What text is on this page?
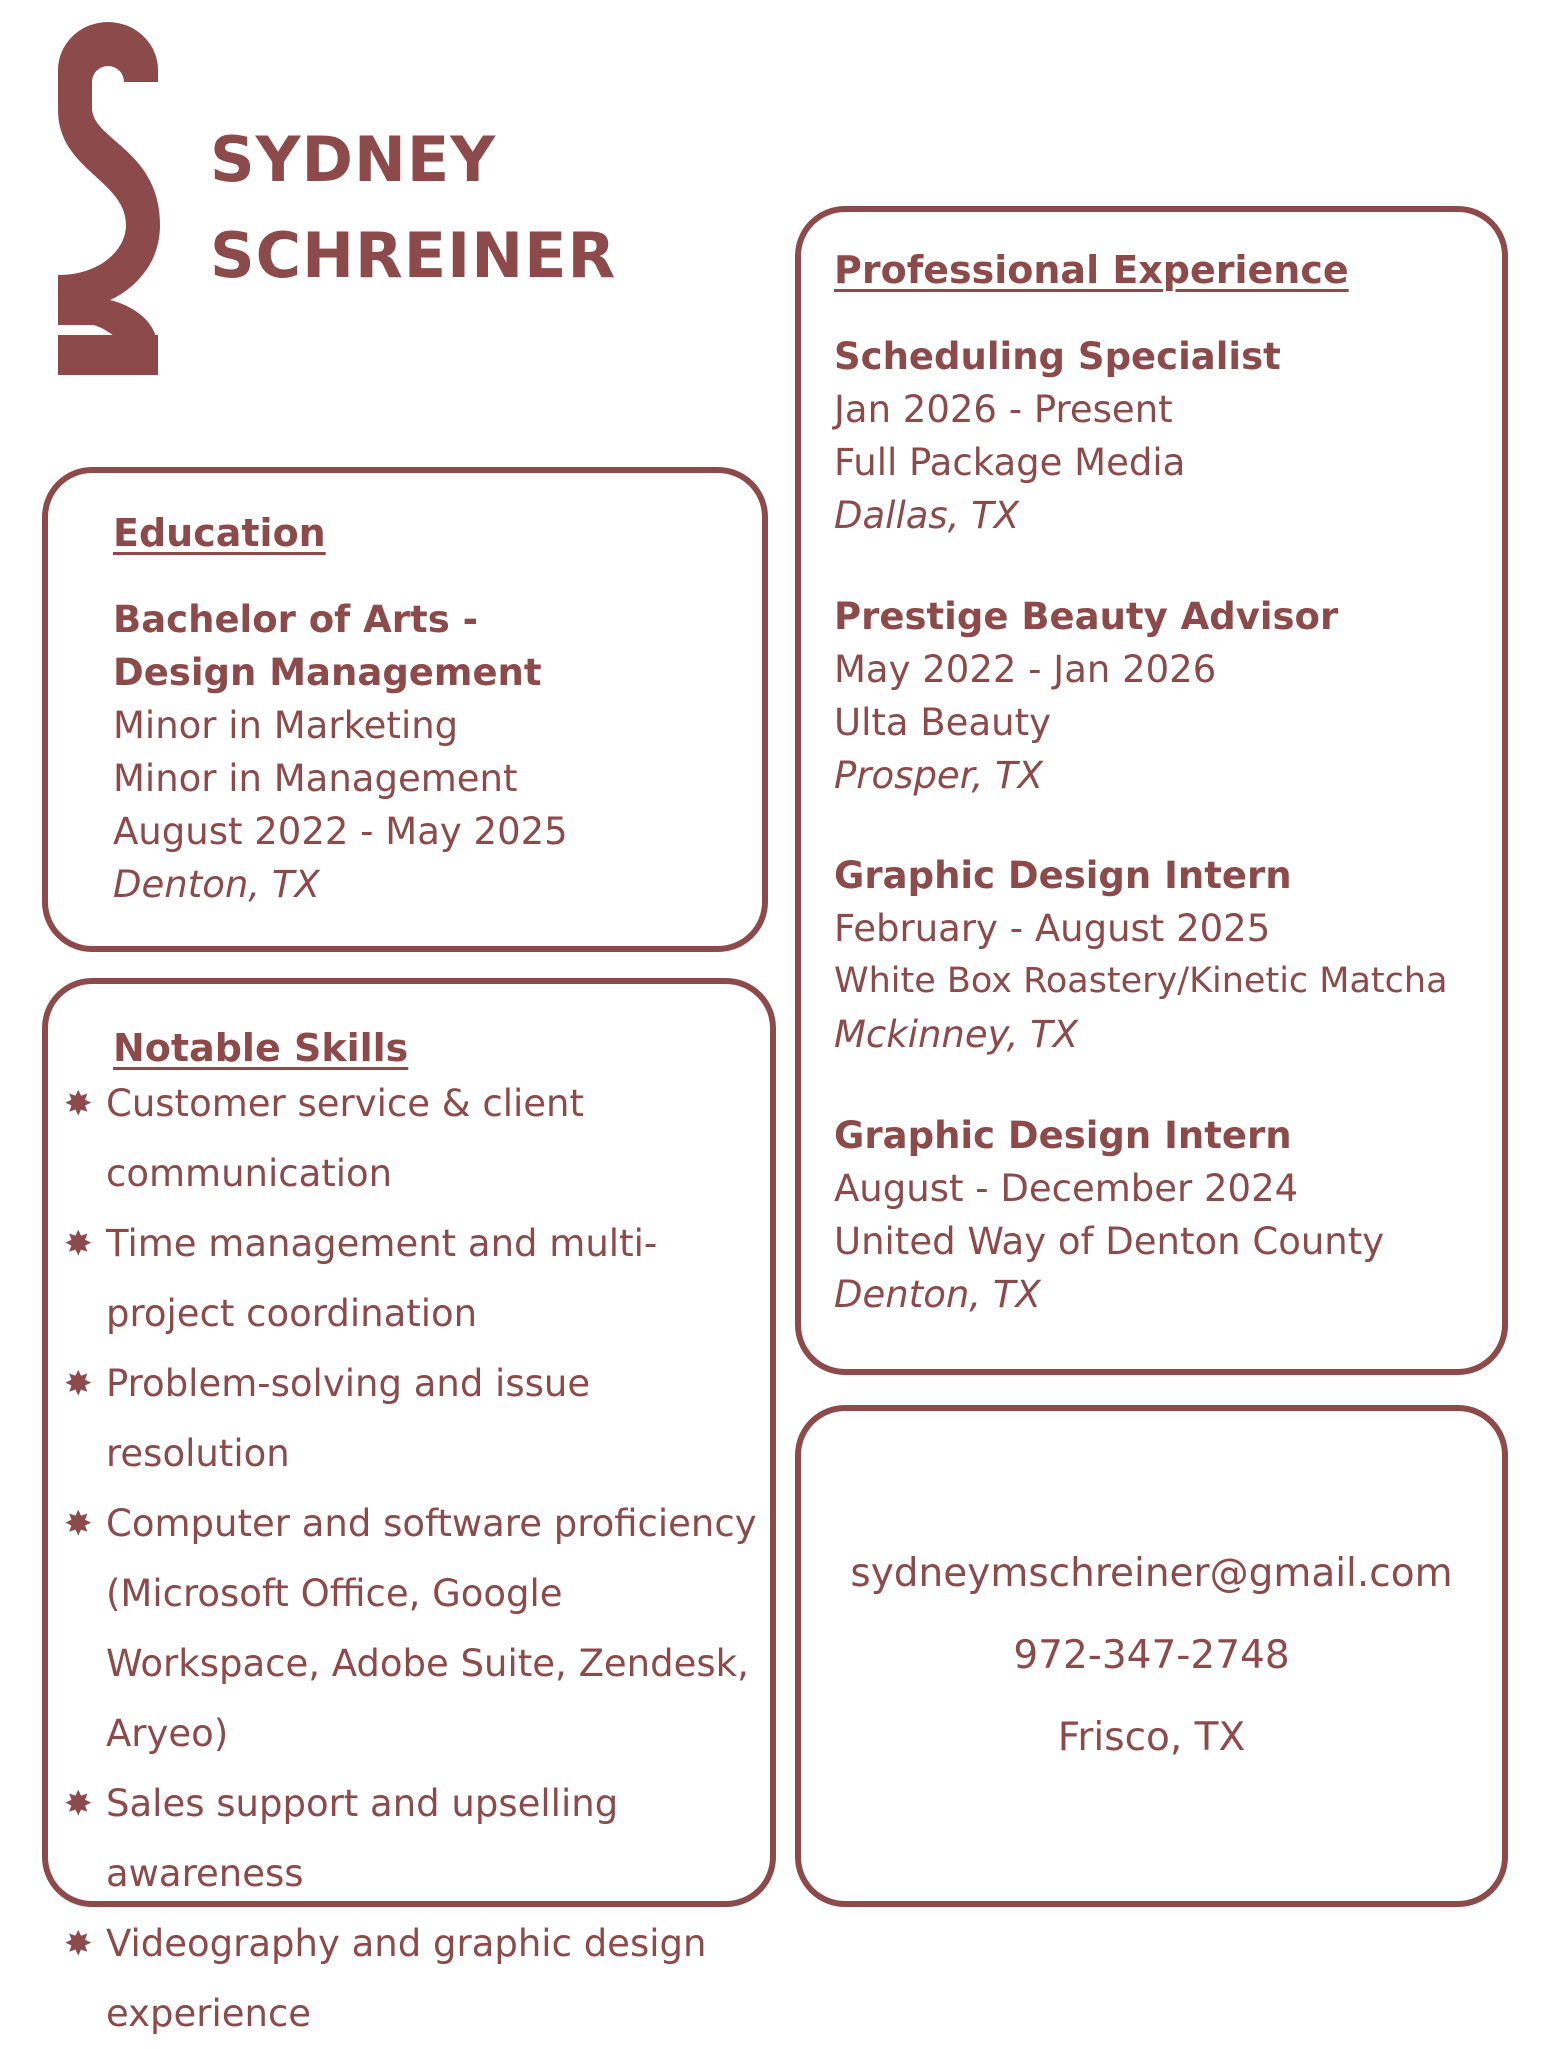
SYDNEY
SCHREINER
Education
Bachelor of Arts -
Design Management
Minor in Marketing
Minor in Management
August 2022 - May 2025
Denton, TX
Notable Skills
✸ Customer service & client communication
✸ Time management and multi-project coordination
✸ Problem-solving and issue resolution
✸ Computer and software proficiency (Microsoft Office, Google Workspace, Adobe Suite, Zendesk, Aryeo)
✸ Sales support and upselling awareness
✸ Videography and graphic design experience
Professional Experience
Scheduling Specialist
Jan 2026 - Present
Full Package Media
Dallas, TX
Prestige Beauty Advisor
May 2022 - Jan 2026
Ulta Beauty
Prosper, TX
Graphic Design Intern
February - August 2025
White Box Roastery/Kinetic Matcha
Mckinney, TX
Graphic Design Intern
August - December 2024
United Way of Denton County
Denton, TX
sydneymschreiner@gmail.com
972-347-2748
Frisco, TX
